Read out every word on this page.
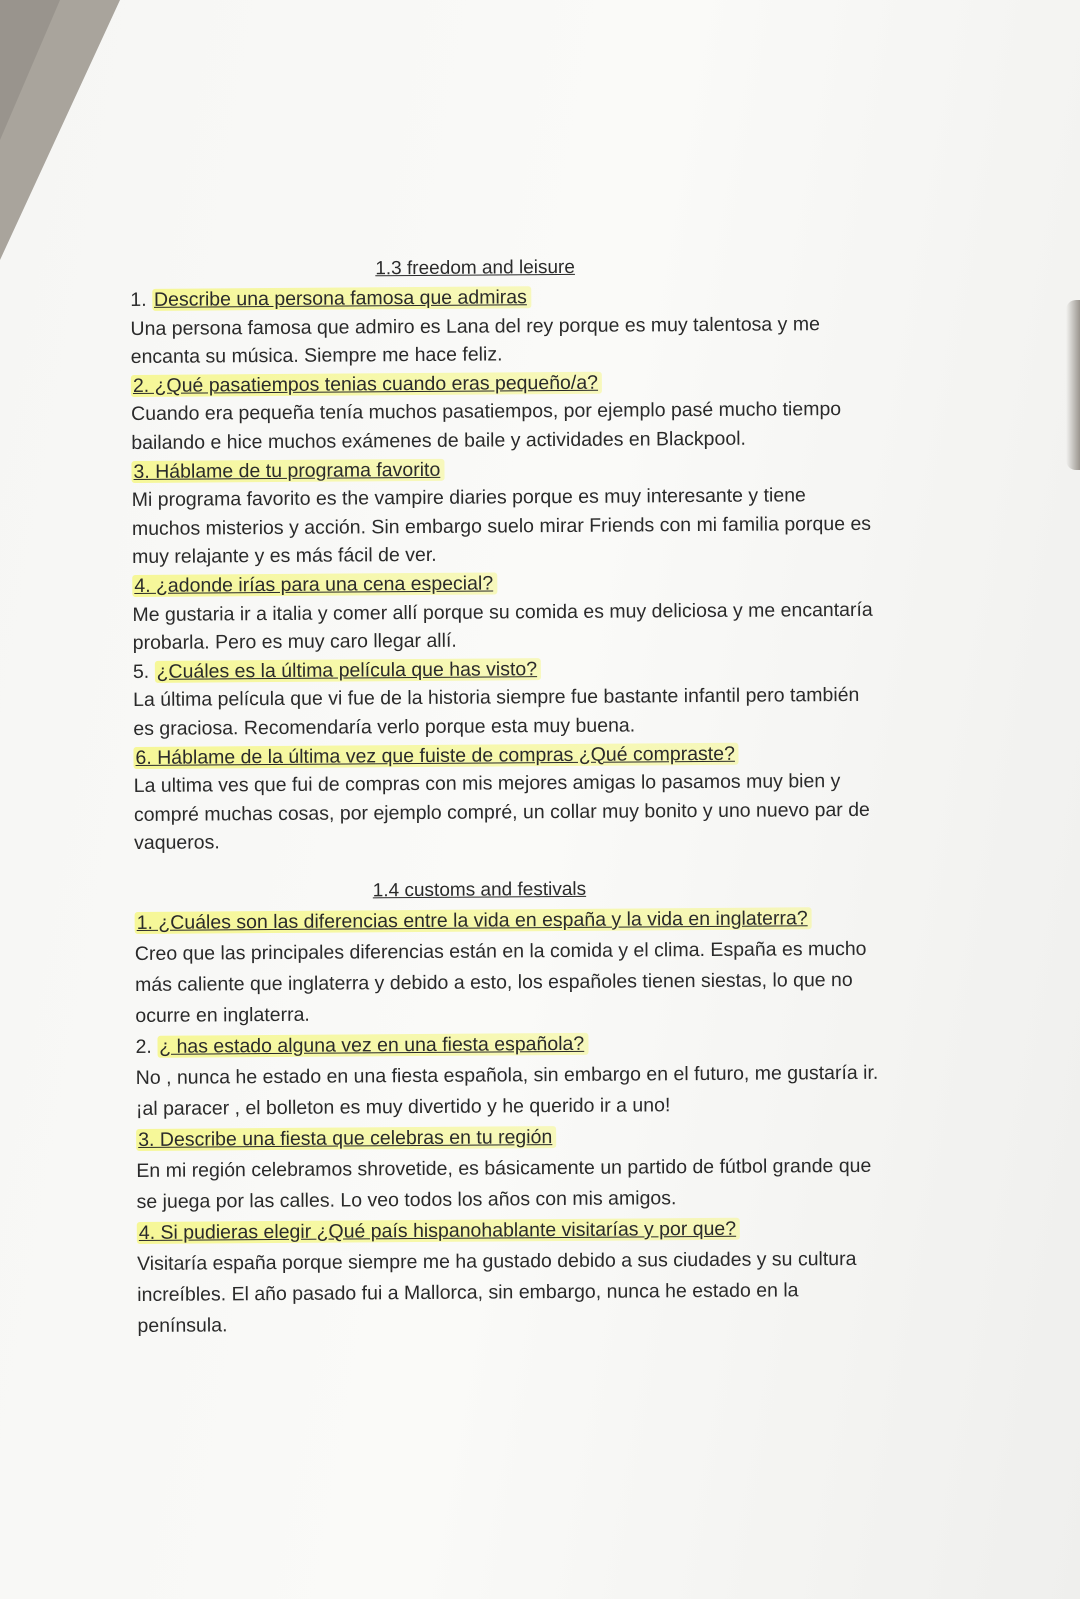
1.3 freedom and leisure
1. Describe una persona famosa que admiras
Una persona famosa que admiro es Lana del rey porque es muy talentosa y me
encanta su música. Siempre me hace feliz.
2. ¿Qué pasatiempos tenias cuando eras pequeño/a?
Cuando era pequeña tenía muchos pasatiempos, por ejemplo pasé mucho tiempo
bailando e hice muchos exámenes de baile y actividades en Blackpool.
3. Háblame de tu programa favorito
Mi programa favorito es the vampire diaries porque es muy interesante y tiene
muchos misterios y acción. Sin embargo suelo mirar Friends con mi familia porque es
muy relajante y es más fácil de ver.
4. ¿adonde irías para una cena especial?
Me gustaria ir a italia y comer allí porque su comida es muy deliciosa y me encantaría
probarla. Pero es muy caro llegar allí.
5. ¿Cuáles es la última película que has visto?
La última película que vi fue de la historia siempre fue bastante infantil pero también
es graciosa. Recomendaría verlo porque esta muy buena.
6. Háblame de la última vez que fuiste de compras ¿Qué compraste?
La ultima ves que fui de compras con mis mejores amigas lo pasamos muy bien y
compré muchas cosas, por ejemplo compré, un collar muy bonito y uno nuevo par de
vaqueros.
1.4 customs and festivals
1. ¿Cuáles son las diferencias entre la vida en españa y la vida en inglaterra?
Creo que las principales diferencias están en la comida y el clima. España es mucho
más caliente que inglaterra y debido a esto, los españoles tienen siestas, lo que no
ocurre en inglaterra.
2. ¿ has estado alguna vez en una fiesta española?
No , nunca he estado en una fiesta española, sin embargo en el futuro, me gustaría ir.
¡al paracer , el bolleton es muy divertido y he querido ir a uno!
3. Describe una fiesta que celebras en tu región
En mi región celebramos shrovetide, es básicamente un partido de fútbol grande que
se juega por las calles. Lo veo todos los años con mis amigos.
4. Si pudieras elegir ¿Qué país hispanohablante visitarías y por que?
Visitaría españa porque siempre me ha gustado debido a sus ciudades y su cultura
increíbles. El año pasado fui a Mallorca, sin embargo, nunca he estado en la
península.
